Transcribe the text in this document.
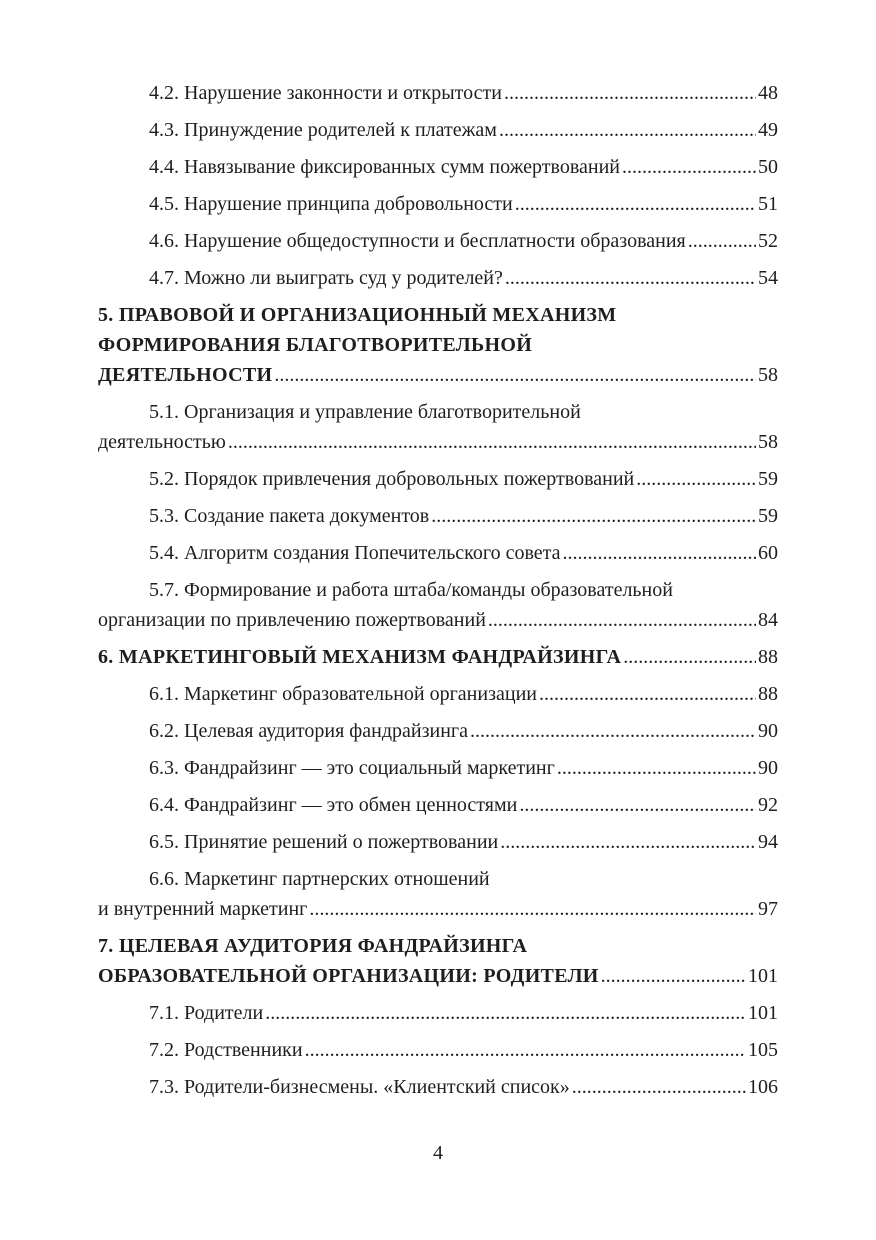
4.2. Нарушение законности и открытости .....	48
4.3. Принуждение родителей к платежам .....	49
4.4. Навязывание фиксированных сумм пожертвований .....	50
4.5. Нарушение принципа добровольности .....	51
4.6. Нарушение общедоступности и бесплатности образования .....	52
4.7. Можно ли выиграть суд у родителей? .....	54
5. ПРАВОВОЙ И ОРГАНИЗАЦИОННЫЙ МЕХАНИЗМ
ФОРМИРОВАНИЯ БЛАГОТВОРИТЕЛЬНОЙ
ДЕЯТЕЛЬНОСТИ .....	58
5.1. Организация и управление благотворительной
деятельностью .....	58
5.2. Порядок привлечения добровольных пожертвований .....	59
5.3. Создание пакета документов .....	59
5.4. Алгоритм создания Попечительского совета .....	60
5.7. Формирование и работа штаба/команды образовательной
организации по привлечению пожертвований .....	84
6. МАРКЕТИНГОВЫЙ МЕХАНИЗМ ФАНДРАЙЗИНГА .....	88
6.1. Маркетинг образовательной организации .....	88
6.2. Целевая аудитория фандрайзинга .....	90
6.3. Фандрайзинг — это социальный маркетинг .....	90
6.4. Фандрайзинг — это обмен ценностями .....	92
6.5. Принятие решений о пожертвовании .....	94
6.6. Маркетинг партнерских отношений
и внутренний маркетинг .....	97
7. ЦЕЛЕВАЯ АУДИТОРИЯ ФАНДРАЙЗИНГА
ОБРАЗОВАТЕЛЬНОЙ ОРГАНИЗАЦИИ: РОДИТЕЛИ .....	101
7.1. Родители .....	101
7.2. Родственники .....	105
7.3. Родители-бизнесмены. «Клиентский список» .....	106
4
